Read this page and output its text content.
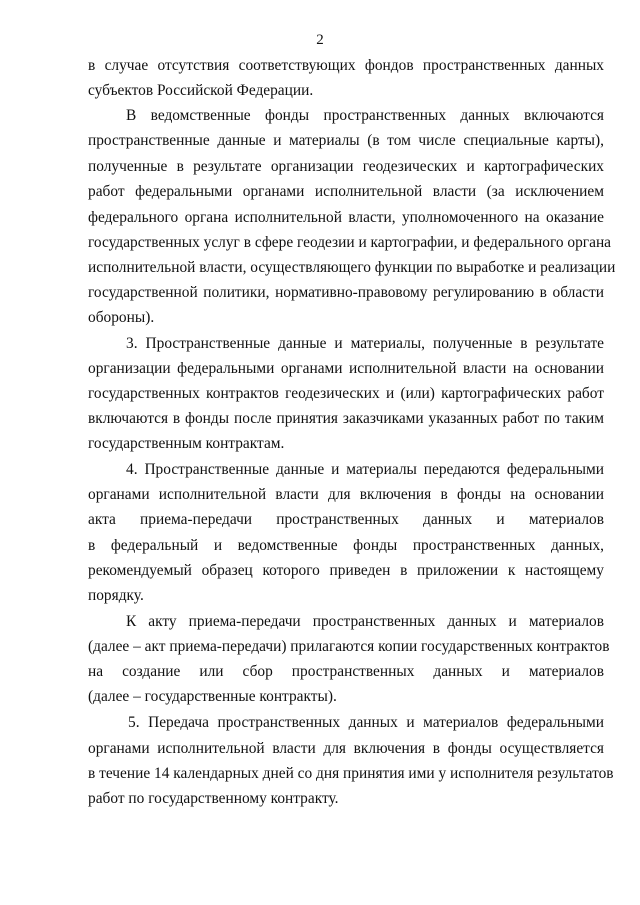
2
в случае отсутствия соответствующих фондов пространственных данных
субъектов Российской Федерации.
В ведомственные фонды пространственных данных включаются
пространственные данные и материалы (в том числе специальные карты),
полученные в результате организации геодезических и картографических
работ федеральными органами исполнительной власти (за исключением
федерального органа исполнительной власти, уполномоченного на оказание
государственных услуг в сфере геодезии и картографии, и федерального органа
исполнительной власти, осуществляющего функции по выработке и реализации
государственной политики, нормативно-правовому регулированию в области
обороны).
3. Пространственные данные и материалы, полученные в результате
организации федеральными органами исполнительной власти на основании
государственных контрактов геодезических и (или) картографических работ
включаются в фонды после принятия заказчиками указанных работ по таким
государственным контрактам.
4. Пространственные данные и материалы передаются федеральными
органами исполнительной власти для включения в фонды на основании
акта приема-передачи пространственных данных и материалов
в федеральный и ведомственные фонды пространственных данных,
рекомендуемый образец которого приведен в приложении к настоящему
порядку.
К акту приема-передачи пространственных данных и материалов
(далее – акт приема-передачи) прилагаются копии государственных контрактов
на создание или сбор пространственных данных и материалов
(далее – государственные контракты).
5. Передача пространственных данных и материалов федеральными
органами исполнительной власти для включения в фонды осуществляется
в течение 14 календарных дней со дня принятия ими у исполнителя результатов
работ по государственному контракту.
